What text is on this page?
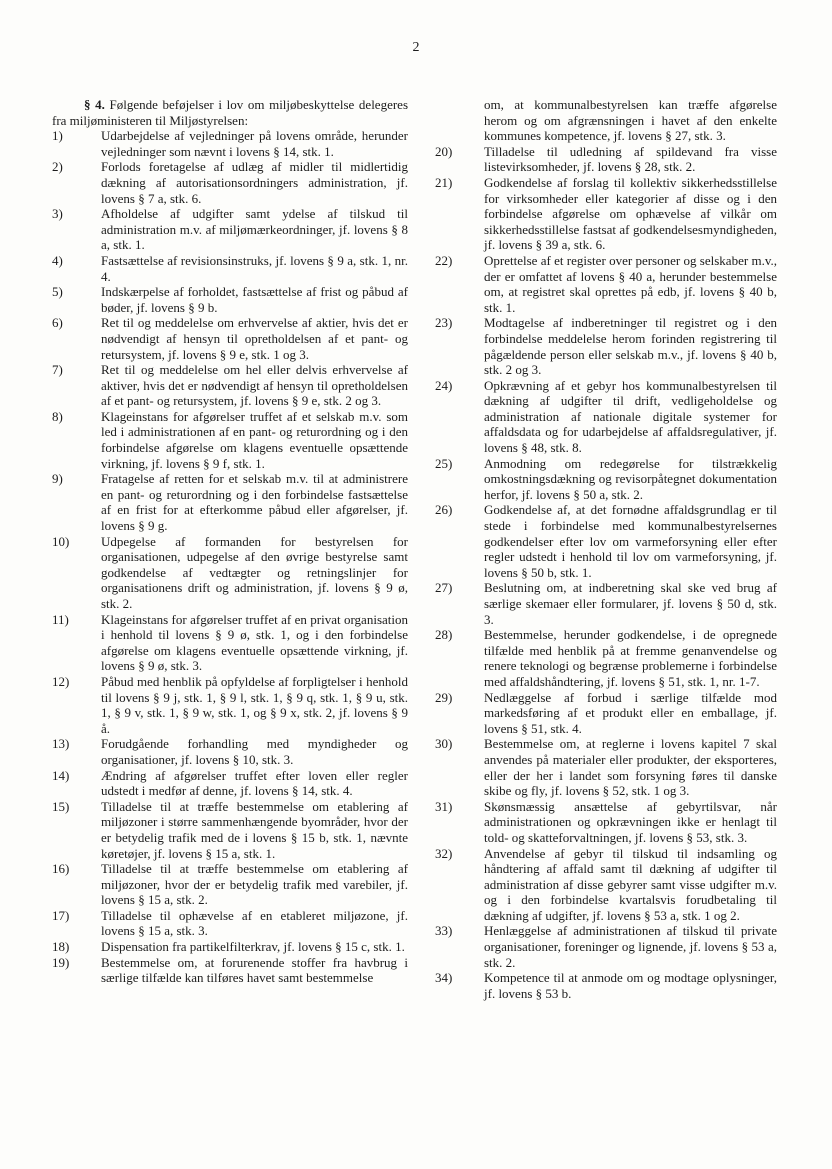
2

§ 4. Følgende beføjelser i lov om miljøbeskyttelse delegeres fra miljøministeren til Miljøstyrelsen:

1)	Udarbejdelse af vejledninger på lovens område, herunder vejledninger som nævnt i lovens § 14, stk. 1.
2)	Forlods foretagelse af udlæg af midler til midlertidig dækning af autorisationsordningers administration, jf. lovens § 7 a, stk. 6.
3)	Afholdelse af udgifter samt ydelse af tilskud til administration m.v. af miljømærkeordninger, jf. lovens § 8 a, stk. 1.
4)	Fastsættelse af revisionsinstruks, jf. lovens § 9 a, stk. 1, nr. 4.
5)	Indskærpelse af forholdet, fastsættelse af frist og påbud af bøder, jf. lovens § 9 b.
6)	Ret til og meddelelse om erhvervelse af aktier, hvis det er nødvendigt af hensyn til opretholdelsen af et pant- og retursystem, jf. lovens § 9 e, stk. 1 og 3.
7)	Ret til og meddelelse om hel eller delvis erhvervelse af aktiver, hvis det er nødvendigt af hensyn til opretholdelsen af et pant- og retursystem, jf. lovens § 9 e, stk. 2 og 3.
8)	Klageinstans for afgørelser truffet af et selskab m.v. som led i administrationen af en pant- og returordning og i den forbindelse afgørelse om klagens eventuelle opsættende virkning, jf. lovens § 9 f, stk. 1.
9)	Fratagelse af retten for et selskab m.v. til at administrere en pant- og returordning og i den forbindelse fastsættelse af en frist for at efterkomme påbud eller afgørelser, jf. lovens § 9 g.
10) Udpegelse af formanden for bestyrelsen for organisationen, udpegelse af den øvrige bestyrelse samt godkendelse af vedtægter og retningslinjer for organisationens drift og administration, jf. lovens § 9 ø, stk. 2.
11) Klageinstans for afgørelser truffet af en privat organisation i henhold til lovens § 9 ø, stk. 1, og i den forbindelse afgørelse om klagens eventuelle opsættende virkning, jf. lovens § 9 ø, stk. 3.
12) Påbud med henblik på opfyldelse af forpligtelser i henhold til lovens § 9 j, stk. 1, § 9 l, stk. 1, § 9 q, stk. 1, § 9 u, stk. 1, § 9 v, stk. 1, § 9 w, stk. 1, og § 9 x, stk. 2, jf. lovens § 9 å.
13) Forudgående forhandling med myndigheder og organisationer, jf. lovens § 10, stk. 3.
14) Ændring af afgørelser truffet efter loven eller regler udstedt i medfør af denne, jf. lovens § 14, stk. 4.
15) Tilladelse til at træffe bestemmelse om etablering af miljøzoner i større sammenhængende byområder, hvor der er betydelig trafik med de i lovens § 15 b, stk. 1, nævnte køretøjer, jf. lovens § 15 a, stk. 1.
16) Tilladelse til at træffe bestemmelse om etablering af miljøzoner, hvor der er betydelig trafik med varebiler, jf. lovens § 15 a, stk. 2.
17) Tilladelse til ophævelse af en etableret miljøzone, jf. lovens § 15 a, stk. 3.
18) Dispensation fra partikelfilterkrav, jf. lovens § 15 c, stk. 1.
19) Bestemmelse om, at forurenende stoffer fra havbrug i særlige tilfælde kan tilføres havet samt bestemmelse

om, at kommunalbestyrelsen kan træffe afgørelse herom og om afgrænsningen i havet af den enkelte kommunes kompetence, jf. lovens § 27, stk. 3.

20) Tilladelse til udledning af spildevand fra visse listevirksomheder, jf. lovens § 28, stk. 2.
21) Godkendelse af forslag til kollektiv sikkerhedsstillelse for virksomheder eller kategorier af disse og i den forbindelse afgørelse om ophævelse af vilkår om sikkerhedsstillelse fastsat af godkendelsesmyndigheden, jf. lovens § 39 a, stk. 6.
22) Oprettelse af et register over personer og selskaber m.v., der er omfattet af lovens § 40 a, herunder bestemmelse om, at registret skal oprettes på edb, jf. lovens § 40 b, stk. 1.
23) Modtagelse af indberetninger til registret og i den forbindelse meddelelse herom forinden registrering til pågældende person eller selskab m.v., jf. lovens § 40 b, stk. 2 og 3.
24) Opkrævning af et gebyr hos kommunalbestyrelsen til dækning af udgifter til drift, vedligeholdelse og administration af nationale digitale systemer for affaldsdata og for udarbejdelse af affaldsregulativer, jf. lovens § 48, stk. 8.
25) Anmodning om redegørelse for tilstrækkelig omkostningsdækning og revisorpåtegnet dokumentation herfor, jf. lovens § 50 a, stk. 2.
26) Godkendelse af, at det fornødne affaldsgrundlag er til stede i forbindelse med kommunalbestyrelsernes godkendelser efter lov om varmeforsyning eller efter regler udstedt i henhold til lov om varmeforsyning, jf. lovens § 50 b, stk. 1.
27) Beslutning om, at indberetning skal ske ved brug af særlige skemaer eller formularer, jf. lovens § 50 d, stk. 3.
28) Bestemmelse, herunder godkendelse, i de opregnede tilfælde med henblik på at fremme genanvendelse og renere teknologi og begrænse problemerne i forbindelse med affaldshåndtering, jf. lovens § 51, stk. 1, nr. 1-7.
29) Nedlæggelse af forbud i særlige tilfælde mod markedsføring af et produkt eller en emballage, jf. lovens § 51, stk. 4.
30) Bestemmelse om, at reglerne i lovens kapitel 7 skal anvendes på materialer eller produkter, der eksporteres, eller der her i landet som forsyning føres til danske skibe og fly, jf. lovens § 52, stk. 1 og 3.
31) Skønsmæssig ansættelse af gebyrtilsvar, når administrationen og opkrævningen ikke er henlagt til told- og skatteforvaltningen, jf. lovens § 53, stk. 3.
32) Anvendelse af gebyr til tilskud til indsamling og håndtering af affald samt til dækning af udgifter til administration af disse gebyrer samt visse udgifter m.v. og i den forbindelse kvartalsvis forudbetaling til dækning af udgifter, jf. lovens § 53 a, stk. 1 og 2.
33) Henlæggelse af administrationen af tilskud til private organisationer, foreninger og lignende, jf. lovens § 53 a, stk. 2.
34) Kompetence til at anmode om og modtage oplysninger, jf. lovens § 53 b.
